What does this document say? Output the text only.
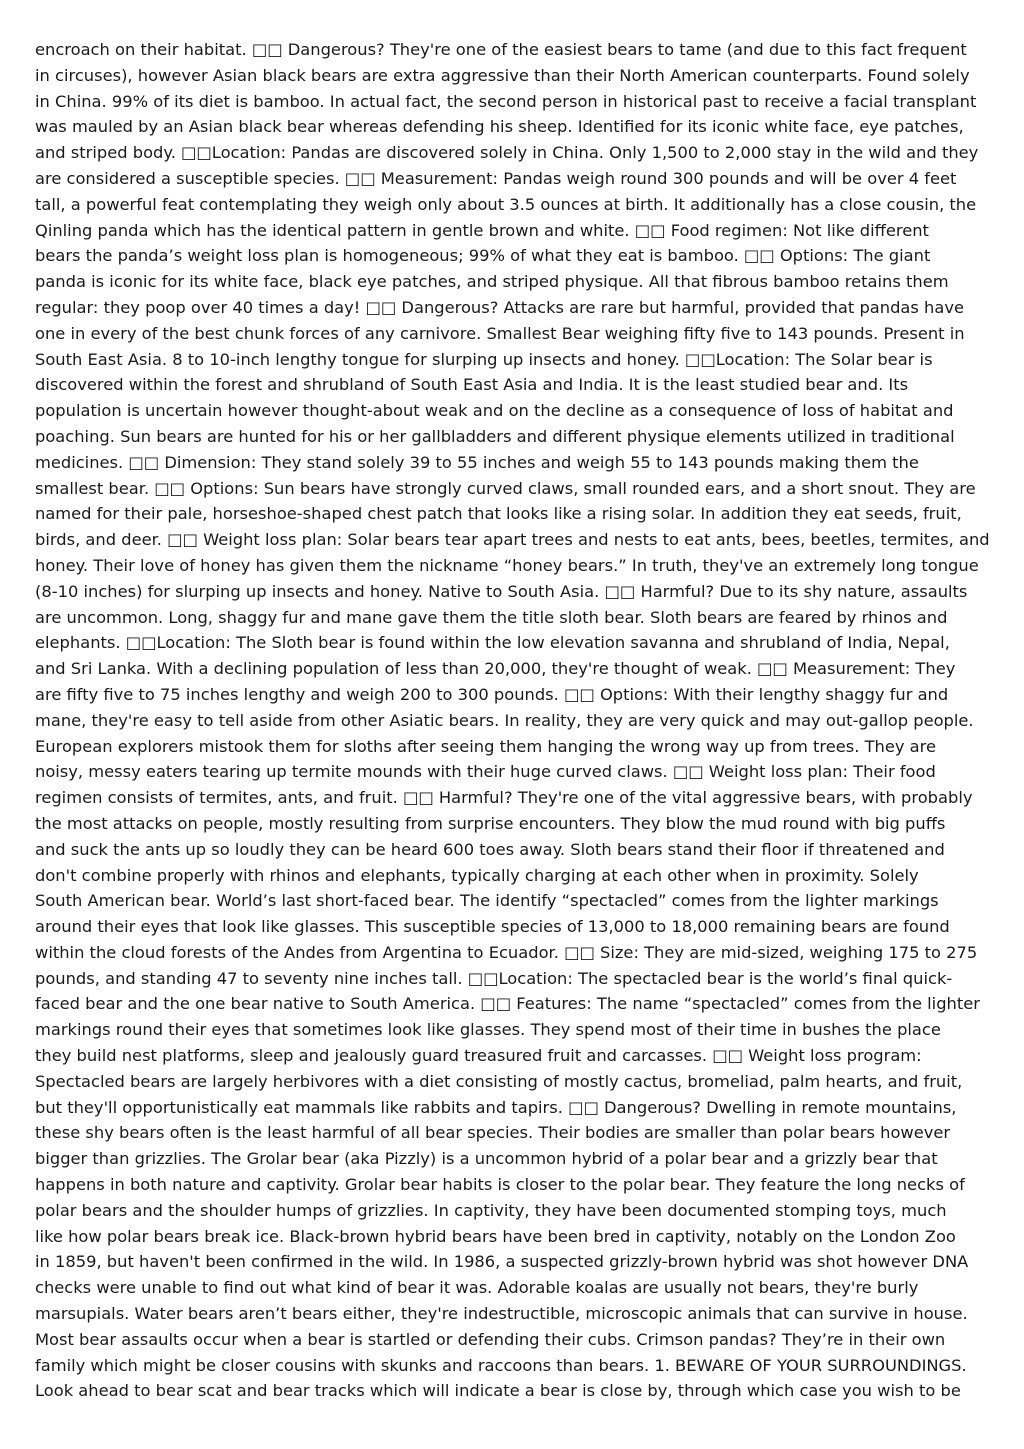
encroach on their habitat. □□ Dangerous? They're one of the easiest bears to tame (and due to this fact frequent
in circuses), however Asian black bears are extra aggressive than their North American counterparts. Found solely
in China. 99% of its diet is bamboo. In actual fact, the second person in historical past to receive a facial transplant
was mauled by an Asian black bear whereas defending his sheep. Identified for its iconic white face, eye patches,
and striped body. □□Location: Pandas are discovered solely in China. Only 1,500 to 2,000 stay in the wild and they
are considered a susceptible species. □□ Measurement: Pandas weigh round 300 pounds and will be over 4 feet
tall, a powerful feat contemplating they weigh only about 3.5 ounces at birth. It additionally has a close cousin, the
Qinling panda which has the identical pattern in gentle brown and white. □□ Food regimen: Not like different
bears the panda’s weight loss plan is homogeneous; 99% of what they eat is bamboo. □□ Options: The giant
panda is iconic for its white face, black eye patches, and striped physique. All that fibrous bamboo retains them
regular: they poop over 40 times a day! □□ Dangerous? Attacks are rare but harmful, provided that pandas have
one in every of the best chunk forces of any carnivore. Smallest Bear weighing fifty five to 143 pounds. Present in
South East Asia. 8 to 10-inch lengthy tongue for slurping up insects and honey. □□Location: The Solar bear is
discovered within the forest and shrubland of South East Asia and India. It is the least studied bear and. Its
population is uncertain however thought-about weak and on the decline as a consequence of loss of habitat and
poaching. Sun bears are hunted for his or her gallbladders and different physique elements utilized in traditional
medicines. □□ Dimension: They stand solely 39 to 55 inches and weigh 55 to 143 pounds making them the
smallest bear. □□ Options: Sun bears have strongly curved claws, small rounded ears, and a short snout. They are
named for their pale, horseshoe-shaped chest patch that looks like a rising solar. In addition they eat seeds, fruit,
birds, and deer. □□ Weight loss plan: Solar bears tear apart trees and nests to eat ants, bees, beetles, termites, and
honey. Their love of honey has given them the nickname “honey bears.” In truth, they've an extremely long tongue
(8-10 inches) for slurping up insects and honey. Native to South Asia. □□ Harmful? Due to its shy nature, assaults
are uncommon. Long, shaggy fur and mane gave them the title sloth bear. Sloth bears are feared by rhinos and
elephants. □□Location: The Sloth bear is found within the low elevation savanna and shrubland of India, Nepal,
and Sri Lanka. With a declining population of less than 20,000, they're thought of weak. □□ Measurement: They
are fifty five to 75 inches lengthy and weigh 200 to 300 pounds. □□ Options: With their lengthy shaggy fur and
mane, they're easy to tell aside from other Asiatic bears. In reality, they are very quick and may out-gallop people.
European explorers mistook them for sloths after seeing them hanging the wrong way up from trees. They are
noisy, messy eaters tearing up termite mounds with their huge curved claws. □□ Weight loss plan: Their food
regimen consists of termites, ants, and fruit. □□ Harmful? They're one of the vital aggressive bears, with probably
the most attacks on people, mostly resulting from surprise encounters. They blow the mud round with big puffs
and suck the ants up so loudly they can be heard 600 toes away. Sloth bears stand their floor if threatened and
don't combine properly with rhinos and elephants, typically charging at each other when in proximity. Solely
South American bear. World’s last short-faced bear. The identify “spectacled” comes from the lighter markings
around their eyes that look like glasses. This susceptible species of 13,000 to 18,000 remaining bears are found
within the cloud forests of the Andes from Argentina to Ecuador. □□ Size: They are mid-sized, weighing 175 to 275
pounds, and standing 47 to seventy nine inches tall. □□Location: The spectacled bear is the world’s final quick-
faced bear and the one bear native to South America. □□ Features: The name “spectacled” comes from the lighter
markings round their eyes that sometimes look like glasses. They spend most of their time in bushes the place
they build nest platforms, sleep and jealously guard treasured fruit and carcasses. □□ Weight loss program:
Spectacled bears are largely herbivores with a diet consisting of mostly cactus, bromeliad, palm hearts, and fruit,
but they'll opportunistically eat mammals like rabbits and tapirs. □□ Dangerous? Dwelling in remote mountains,
these shy bears often is the least harmful of all bear species. Their bodies are smaller than polar bears however
bigger than grizzlies. The Grolar bear (aka Pizzly) is a uncommon hybrid of a polar bear and a grizzly bear that
happens in both nature and captivity. Grolar bear habits is closer to the polar bear. They feature the long necks of
polar bears and the shoulder humps of grizzlies. In captivity, they have been documented stomping toys, much
like how polar bears break ice. Black-brown hybrid bears have been bred in captivity, notably on the London Zoo
in 1859, but haven't been confirmed in the wild. In 1986, a suspected grizzly-brown hybrid was shot however DNA
checks were unable to find out what kind of bear it was. Adorable koalas are usually not bears, they're burly
marsupials. Water bears aren’t bears either, they're indestructible, microscopic animals that can survive in house.
Most bear assaults occur when a bear is startled or defending their cubs. Crimson pandas? They’re in their own
family which might be closer cousins with skunks and raccoons than bears. 1. BEWARE OF YOUR SURROUNDINGS.
Look ahead to bear scat and bear tracks which will indicate a bear is close by, through which case you wish to be
